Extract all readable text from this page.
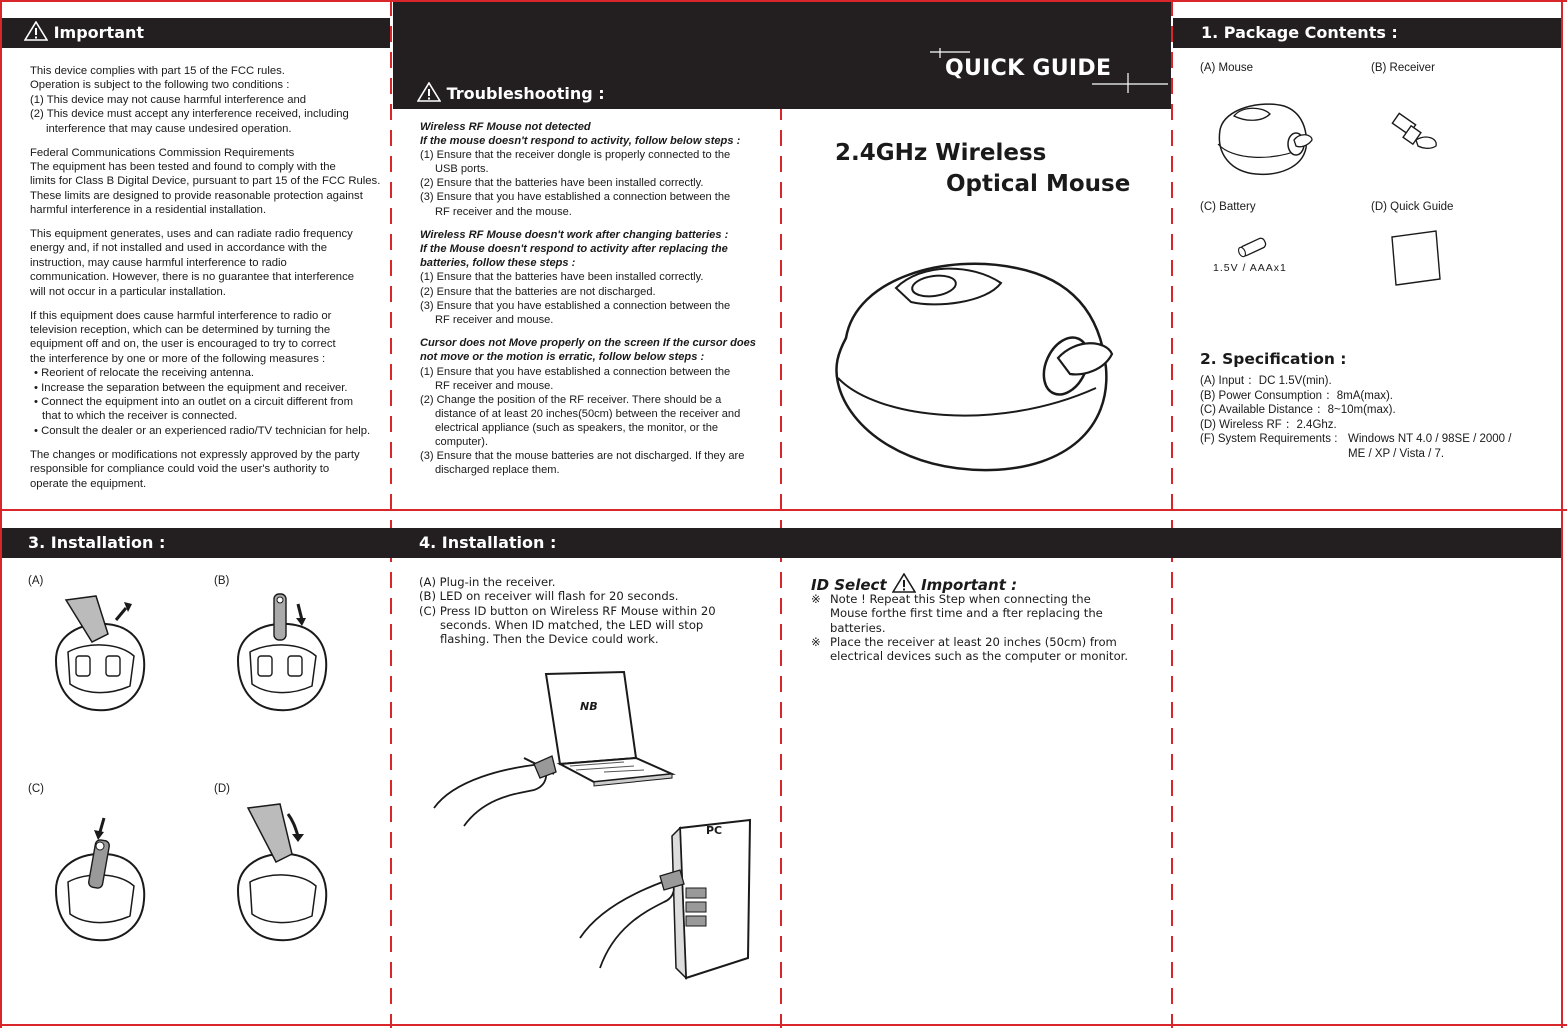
Important

This device complies with part 15 of the FCC rules.

Operation is subject to the following two conditions :

(1) This device may not cause harmful interference and

(2) This device must accept any interference received, including

interference that may cause undesired operation.

Federal Communications Commission Requirements

The equipment has been tested and found to comply with the

limits for Class B Digital Device, pursuant to part 15 of the FCC Rules.

These limits are designed to provide reasonable protection against

harmful interference in a residential installation.

This equipment generates, uses and can radiate radio frequency

energy and, if not installed and used in accordance with the

instruction, may cause harmful interference to radio

communication. However, there is no guarantee that interference

will not occur in a particular installation.

If this equipment does cause harmful interference to radio or

television reception, which can be determined by turning the

equipment off and on, the user is encouraged to try to correct

the interference by one or more of the following measures :

• Reorient of relocate the receiving antenna.

• Increase the separation between the equipment and receiver.

• Connect the equipment into an outlet on a circuit different from

that to which the receiver is connected.

• Consult the dealer or an experienced radio/TV technician for help.

The changes or modifications not expressly approved by the party

responsible for compliance could void the user's authority to

operate the equipment.

Troubleshooting :

Wireless RF Mouse not detected

If the mouse doesn't respond to activity, follow below steps :

(1) Ensure that the receiver dongle is properly connected to the

USB ports.

(2) Ensure that the batteries have been installed correctly.

(3) Ensure that you have established a connection between the

RF receiver and the mouse.

Wireless RF Mouse doesn't work after changing batteries :

If the Mouse doesn't respond to activity after replacing the

batteries, follow these steps :

(1) Ensure that the batteries have been installed correctly.

(2) Ensure that the batteries are not discharged.

(3) Ensure that you have established a connection between the

RF receiver and mouse.

Cursor does not Move properly on the screen If the cursor does

not move or the motion is erratic, follow below steps :

(1) Ensure that you have established a connection between the

RF receiver and mouse.

(2) Change the position of the RF receiver. There should be a

distance of at least 20 inches(50cm) between the receiver and

electrical appliance (such as speakers, the monitor, or the

computer).

(3) Ensure that the mouse batteries are not discharged. If they are

discharged replace them.

QUICK GUIDE
2.4GHz Wireless
Optical Mouse
1. Package Contents :
(A) Mouse	(B) Receiver
(C) Battery	(D) Quick Guide
1.5V / AAAx1
2. Specification :
(A) Input ：DC 1.5V(min).
(B) Power Consumption ：8mA(max).
(C) Available Distance ：8~10m(max).
(D) Wireless RF ：2.4Ghz.
(F) System Requirements : Windows NT 4.0 / 98SE / 2000 /
ME / XP / Vista / 7.
3. Installation :
(A)	(B)
(C)	(D)
4. Installation :

(A) Plug-in the receiver.

(B) LED on receiver will flash for 20 seconds.

(C) Press ID button on Wireless RF Mouse within 20

seconds. When ID matched, the LED will stop

flashing. Then the Device could work.

NB
PC
ID Select Important :
※ Note ! Repeat this Step when connecting the
Mouse forthe first time and a fter replacing the
batteries.
※ Place the receiver at least 20 inches (50cm) from
electrical devices such as the computer or monitor.
